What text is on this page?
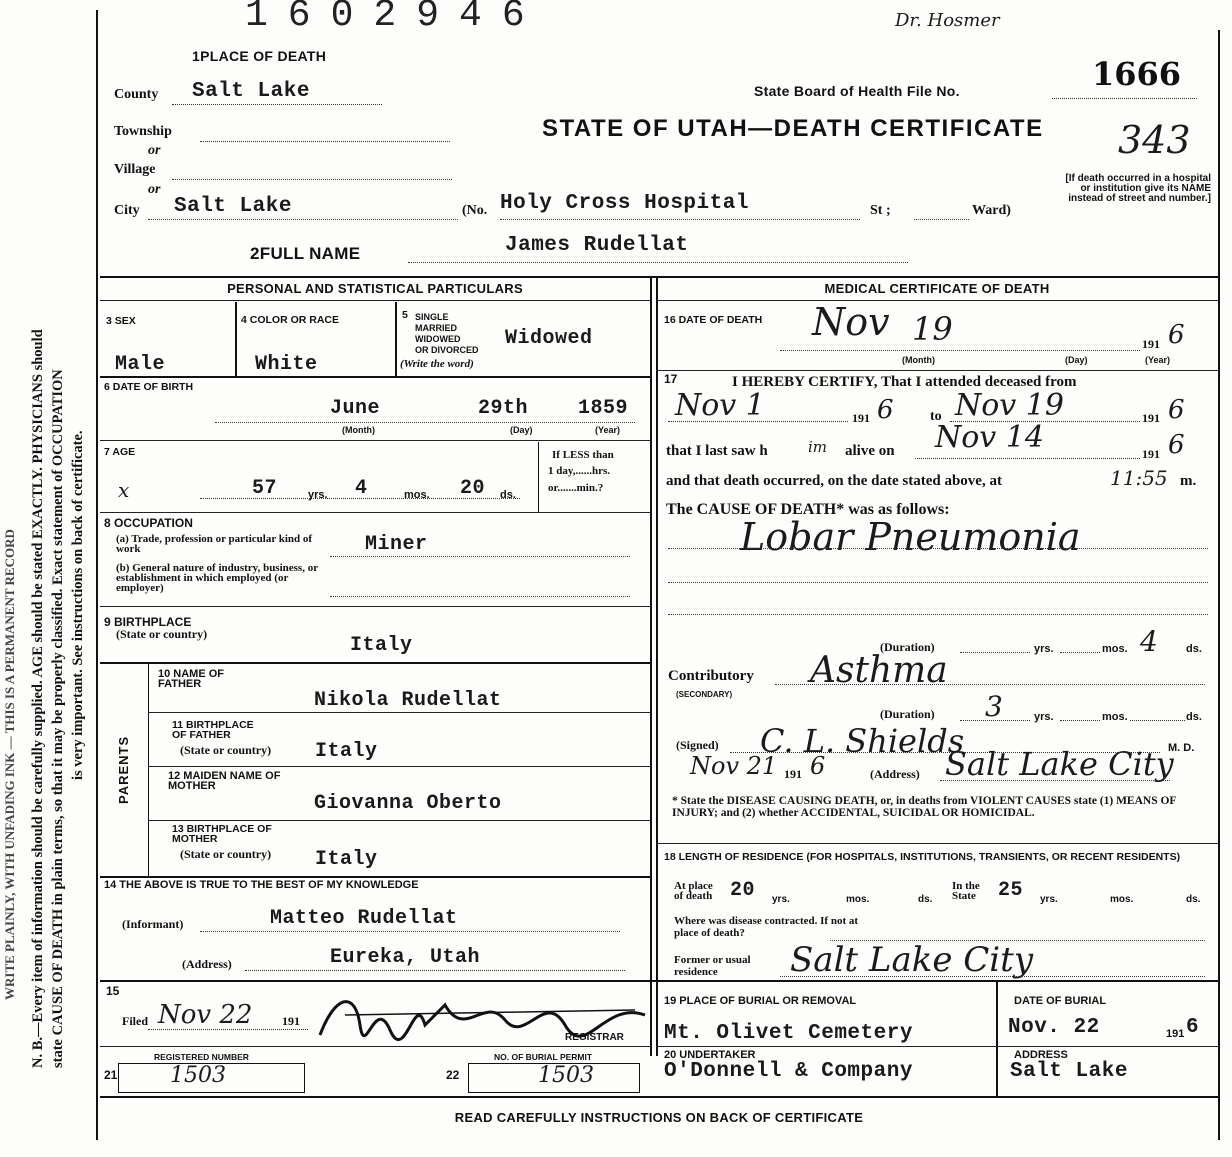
1602946	Dr. Hosmer
N. B.—Every item of information should be carefully supplied. AGE should be stated EXACTLY. PHYSICIANS should state CAUSE OF DEATH in plain terms, so that it may be properly classified. Exact statement of OCCUPATION is very important. See instructions on back of certificate.
WRITE PLAINLY, WITH UNFADING INK — THIS IS A PERMANENT RECORD
1PLACE OF DEATH
County Salt Lake
Township
or
Village
or
City Salt Lake	(No. Holy Cross Hospital	St ;	Ward)
State Board of Health File No.	1666
343
STATE OF UTAH—DEATH CERTIFICATE
[If death occurred in a hospital or institution give its NAME instead of street and number.]
2FULL NAME	James Rudellat
PERSONAL AND STATISTICAL PARTICULARS	MEDICAL CERTIFICATE OF DEATH
3 SEX
Male
4 COLOR OR RACE
White
5 SINGLE
MARRIED
WIDOWED
OR DIVORCED
(Write the word)
Widowed
6 DATE OF BIRTH
June	29th 1859
(Month)	(Day)	(Year)
7 AGE
x	57	yrs. 4	mos. 20 ds.
If LESS than
1 day,......hrs.
or.......min.?
8 OCCUPATION
(a) Trade, profession or particular kind of work	Miner
(b) General nature of industry, business, or establishment in which employed (or employer)
9 BIRTHPLACE
(State or country)	Italy
PARENTS
10 NAME OF FATHER
Nikola Rudellat
11 BIRTHPLACE OF FATHER
(State or country) Italy
12 MAIDEN NAME OF MOTHER
Giovanna Oberto
13 BIRTHPLACE OF MOTHER
(State or country) Italy
14 THE ABOVE IS TRUE TO THE BEST OF MY KNOWLEDGE
(Informant)	Matteo Rudellat
(Address)	Eureka, Utah
15
Filed Nov 22 191
REGISTRAR
REGISTERED NUMBER
21 1503
NO. OF BURIAL PERMIT
22	1503
16 DATE OF DEATH Nov 19	191 6
(Month)	(Day)	(Year)
17	I HEREBY CERTIFY, That I attended deceased from
Nov 1	191 6	to Nov 19	191 6
that I last saw h	im alive on Nov 14	191 6
and that death occurred, on the date stated above, at	11:55 m.
The CAUSE OF DEATH* was as follows:
Lobar Pneumonia
(Duration)	yrs.	4
mos.	ds.
Contributory
(SECONDARY)
Asthma
(Duration) 3	yrs.	mos.	ds.
(Signed) C. L. Shields	M. D.
Nov 21 191 6	(Address) Salt Lake City
* State the DISEASE CAUSING DEATH, or, in deaths from VIOLENT CAUSES state (1) MEANS OF INJURY; and (2) whether ACCIDENTAL, SUICIDAL OR HOMICIDAL.
18 LENGTH OF RESIDENCE (FOR HOSPITALS, INSTITUTIONS, TRANSIENTS, OR RECENT RESIDENTS)
At place of death 20 yrs.	mos.	ds.
In the State	25 yrs.	mos.	ds.
Where was disease contracted. If not at place of death?
Former or usual residence	Salt Lake City
19 PLACE OF BURIAL OR REMOVAL
Mt. Olivet Cemetery
DATE OF BURIAL
Nov. 22	191 6
20 UNDERTAKER
O'Donnell & Company
ADDRESS
Salt Lake
READ CAREFULLY INSTRUCTIONS ON BACK OF CERTIFICATE
